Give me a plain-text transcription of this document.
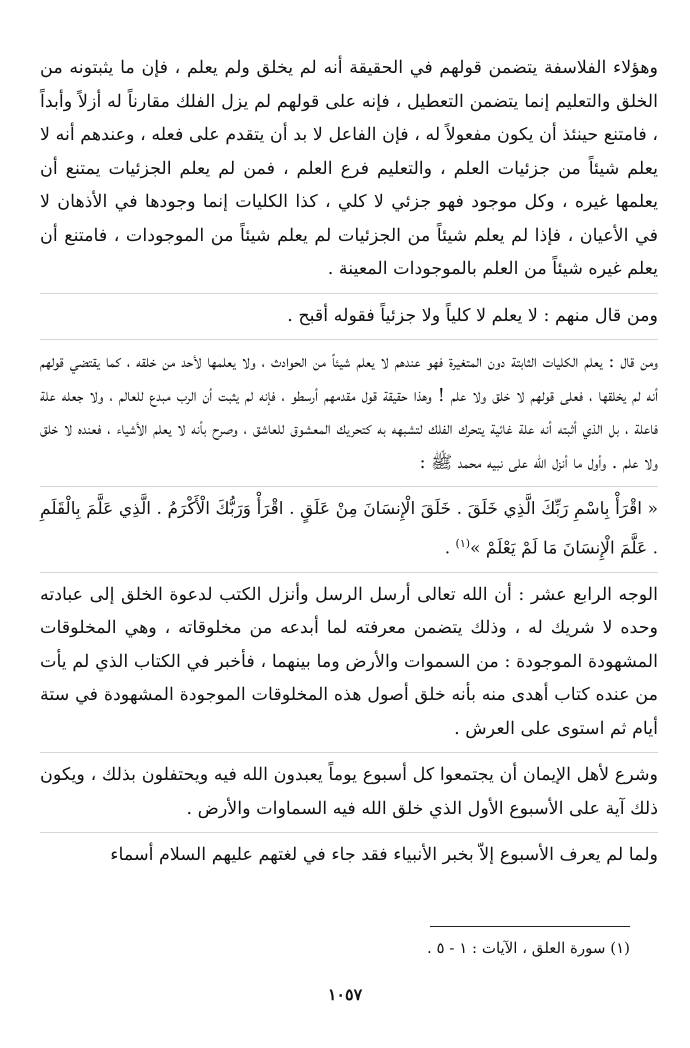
وهؤلاء الفلاسفة يتضمن قولهم في الحقيقة أنه لم يخلق ولم يعلم ، فإن ما يثبتونه من الخلق والتعليم إنما يتضمن التعطيل ، فإنه على قولهم لم يزل الفلك مقارناً له أزلاً وأبداً ، فامتنع حينئذ أن يكون مفعولاً له ، فإن الفاعل لا بد أن يتقدم على فعله ، وعندهم أنه لا يعلم شيئاً من جزئيات العلم ، والتعليم فرع العلم ، فمن لم يعلم الجزئيات يمتنع أن يعلمها غيره ، وكل موجود فهو جزئي لا كلي ، كذا الكليات إنما وجودها في الأذهان لا في الأعيان ، فإذا لم يعلم شيئاً من الجزئيات لم يعلم شيئاً من الموجودات ، فامتنع أن يعلم غيره شيئاً من العلم بالموجودات المعينة .

ومن قال منهم : لا يعلم لا كلياً ولا جزئياً فقوله أقبح .

ومن قال : يعلم الكليات الثابتة دون المتغيرة فهو عندهم لا يعلم شيئاً من الحوادث ، ولا يعلمها لأحد من خلقه ، كما يقتضي قولهم أنه لم يخلقها ، فعلى قولهم لا خلق ولا علم ! وهذا حقيقة قول مقدمهم أرسطو ، فإنه لم يثبت أن الرب مبدع للعالم ، ولا جعله علة فاعلة ، بل الذي أثبته أنه علة غائية يتحرك الفلك لتشبهه به كتحريك المعشوق للعاشق ، وصرح بأنه لا يعلم الأشياء ، فعنده لا خلق ولا علم . وأول ما أنزل الله على نبيه محمد ﷺ :

« اقْرَأْ بِاسْمِ رَبِّكَ الَّذِي خَلَقَ . خَلَقَ الْإِنسَانَ مِنْ عَلَقٍ . اقْرَأْ وَرَبُّكَ الْأَكْرَمُ . الَّذِي عَلَّمَ بِالْقَلَمِ . عَلَّمَ الْإِنسَانَ مَا لَمْ يَعْلَمْ »$^{(١)}$ .

الوجه الرابع عشر : أن الله تعالى أرسل الرسل وأنزل الكتب لدعوة الخلق إلى عبادته وحده لا شريك له ، وذلك يتضمن معرفته لما أبدعه من مخلوقاته ، وهي المخلوقات المشهودة الموجودة : من السموات والأرض وما بينهما ، فأخبر في الكتاب الذي لم يأت من عنده كتاب أهدى منه بأنه خلق أصول هذه المخلوقات الموجودة المشهودة في ستة أيام ثم استوى على العرش .

وشرع لأهل الإيمان أن يجتمعوا كل أسبوع يوماً يعبدون الله فيه ويحتفلون بذلك ، ويكون ذلك آية على الأسبوع الأول الذي خلق الله فيه السماوات والأرض .

ولما لم يعرف الأسبوع إلاّ بخبر الأنبياء فقد جاء في لغتهم عليهم السلام أسماء

(١) سورة العلق ، الآيات : ١ - ٥ .
١٠٥٧
